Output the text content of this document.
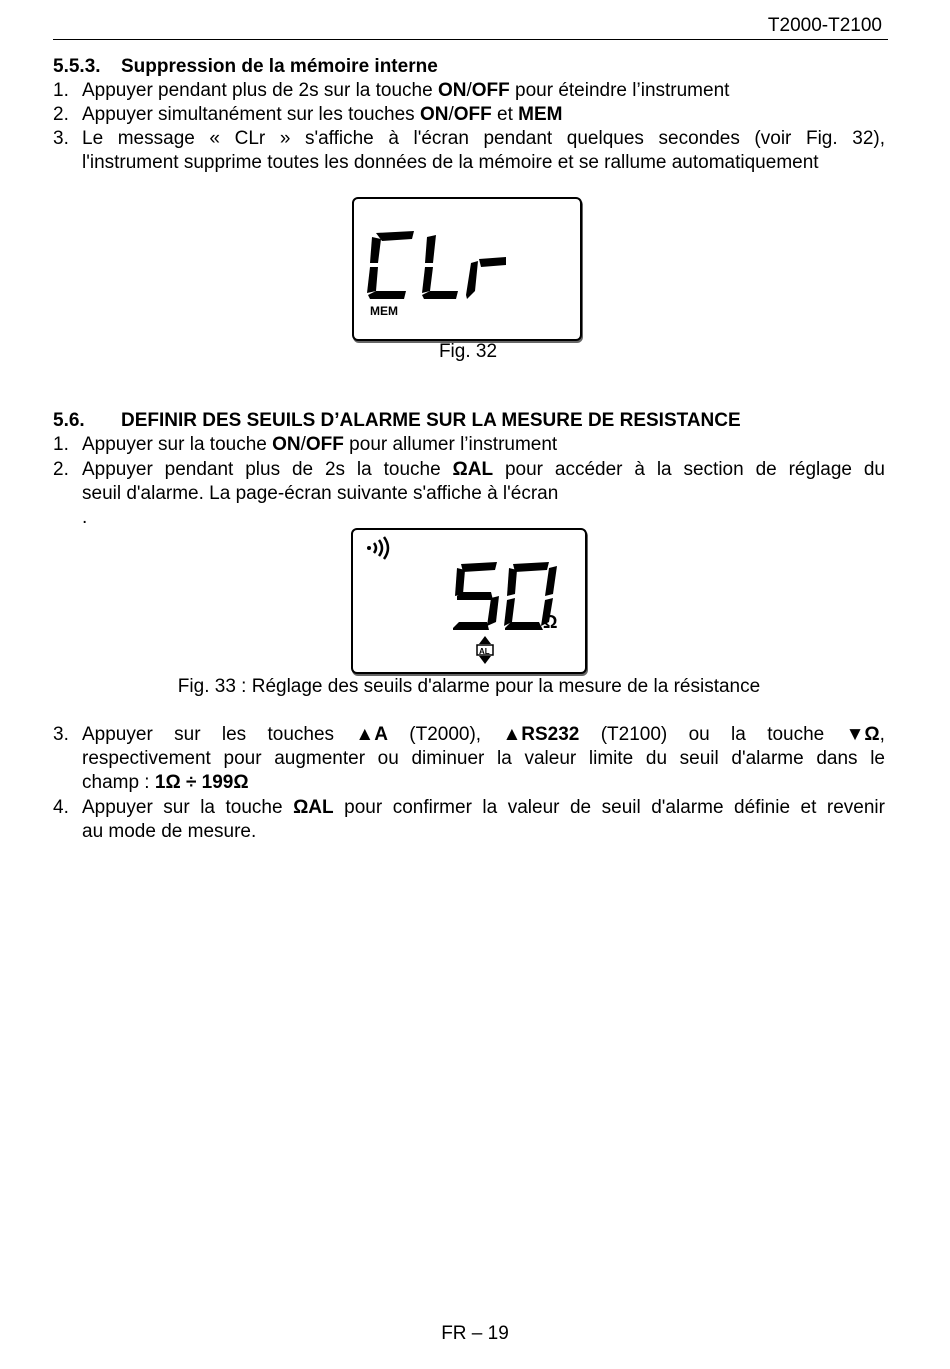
T2000-T2100
5.5.3. Suppression de la mémoire interne
1. Appuyer pendant plus de 2s sur la touche ON/OFF pour éteindre l’instrument
2. Appuyer simultanément sur les touches ON/OFF et MEM
3. Le message « CLr » s'affiche à l'écran pendant quelques secondes (voir Fig. 32),
l'instrument supprime toutes les données de la mémoire et se rallume automatiquement
MEM
Fig. 32
5.6. DEFINIR DES SEUILS D’ALARME SUR LA MESURE DE RESISTANCE
1. Appuyer sur la touche ON/OFF pour allumer l’instrument
2. Appuyer pendant plus de 2s la touche ΩAL pour accéder à la section de réglage du
seuil d'alarme. La page-écran suivante s'affiche à l'écran
.
Ω
AL
Fig. 33 : Réglage des seuils d'alarme pour la mesure de la résistance
3. Appuyer sur les touches ▲A (T2000), ▲RS232 (T2100) ou la touche ▼Ω,
respectivement pour augmenter ou diminuer la valeur limite du seuil d'alarme dans le
champ : 1Ω ÷ 199Ω
4. Appuyer sur la touche ΩAL pour confirmer la valeur de seuil d'alarme définie et revenir
au mode de mesure.
FR – 19
